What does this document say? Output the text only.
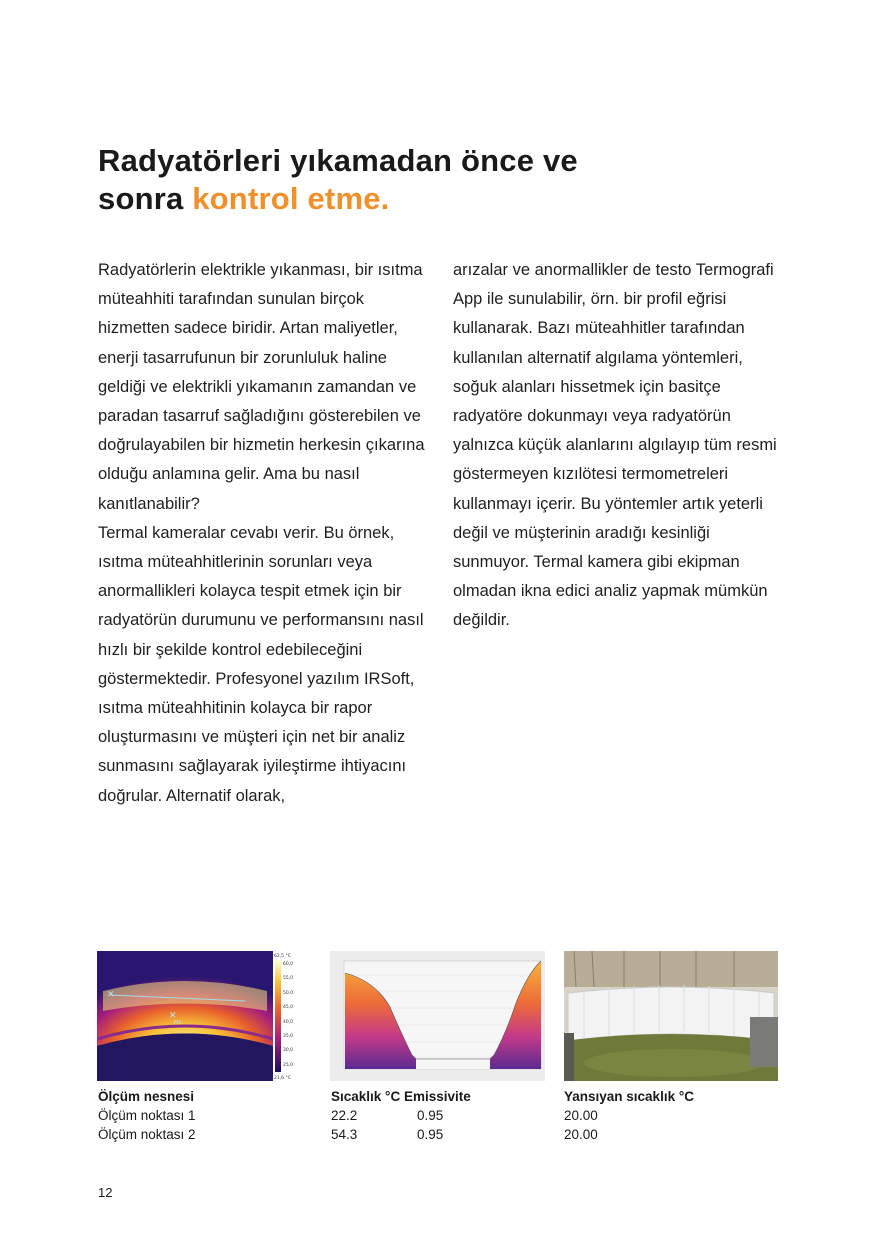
Radyatörleri yıkamadan önce ve
sonra kontrol etme.

Radyatörlerin elektrikle yıkanması, bir ısıtma müteahhiti tarafından sunulan birçok hizmetten sadece biridir. Artan maliyetler, enerji tasarrufunun bir zorunluluk haline geldiği ve elektrikli yıkamanın zamandan ve paradan tasarruf sağladığını gösterebilen ve doğrulayabilen bir hizmetin herkesin çıkarına olduğu anlamına gelir. Ama bu nasıl kanıtlanabilir?

Termal kameralar cevabı verir. Bu örnek, ısıtma müteahhitlerinin sorunları veya anormallikleri kolayca tespit etmek için bir radyatörün durumunu ve performansını nasıl hızlı bir şekilde kontrol edebileceğini göstermektedir. Profesyonel yazılım IRSoft, ısıtma müteahhitinin kolayca bir rapor oluşturmasını ve müşteri için net bir analiz sunmasını sağlayarak iyileştirme ihtiyacını doğrular. Alternatif olarak,

arızalar ve anormallikler de testo Termografi App ile sunulabilir, örn. bir profil eğrisi kullanarak. Bazı müteahhitler tarafından kullanılan alternatif algılama yöntemleri, soğuk alanları hissetmek için basitçe radyatöre dokunmayı veya radyatörün yalnızca küçük alanlarını algılayıp tüm resmi göstermeyen kızılötesi termometreleri kullanmayı içerir. Bu yöntemler artık yeterli değil ve müşterinin aradığı kesinliği sunmuyor. Termal kamera gibi ekipman olmadan ikna edici analiz yapmak mümkün değildir.

✕
✕
M1
62,5 °C
21,6 °C
60,0
55,0
50,0
45,0
40,0
35,0
30,0
25,0
Ölçüm nesnesi
Ölçüm noktası 1
Ölçüm noktası 2
Sıcaklık °C Emissivite
22.2	0.95
54.3	0.95
Yansıyan sıcaklık °C
20.00
20.00
12
